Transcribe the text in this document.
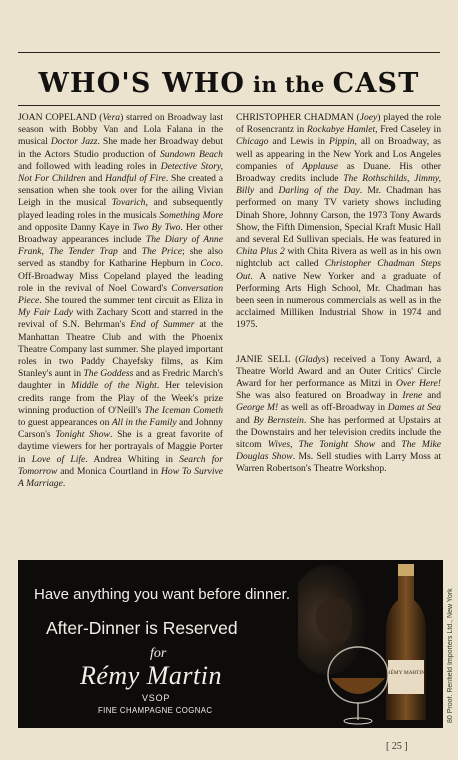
WHO'S WHO in the CAST

JOAN COPELAND (Vera) starred on Broadway last season with Bobby Van and Lola Falana in the musical Doctor Jazz. She made her Broadway debut in the Actors Studio production of Sundown Beach and followed with leading roles in Detective Story, Not For Children and Handful of Fire. She created a sensation when she took over for the ailing Vivian Leigh in the musical Tovarich, and subsequently played leading roles in the musicals Something More and opposite Danny Kaye in Two By Two. Her other Broadway appearances include The Diary of Anne Frank, The Tender Trap and The Price; she also served as standby for Katharine Hepburn in Coco. Off-Broadway Miss Copeland played the leading role in the revival of Noel Coward's Conversation Piece. She toured the summer tent circuit as Eliza in My Fair Lady with Zachary Scott and starred in the revival of S.N. Behrman's End of Summer at the Manhattan Theatre Club and with the Phoenix Theatre Company last summer. She played important roles in two Paddy Chayefsky films, as Kim Stanley's aunt in The Goddess and as Fredric March's daughter in Middle of the Night. Her television credits range from the Play of the Week's prize winning production of O'Neill's The Iceman Cometh to guest appearances on All in the Family and Johnny Carson's Tonight Show. She is a great favorite of daytime viewers for her portrayals of Maggie Porter in Love of Life. Andrea Whiting in Search for Tomorrow and Monica Courtland in How To Survive A Marriage.

CHRISTOPHER CHADMAN (Joey) played the role of Rosencrantz in Rockabye Hamlet, Fred Caseley in Chicago and Lewis in Pippin, all on Broadway, as well as appearing in the New York and Los Angeles companies of Applause as Duane. His other Broadway credits include The Rothschilds, Jimmy, Billy and Darling of the Day. Mr. Chadman has performed on many TV variety shows including Dinah Shore, Johnny Carson, the 1973 Tony Awards Show, the Fifth Dimension, Special Kraft Music Hall and several Ed Sullivan specials. He was featured in Chita Plus 2 with Chita Rivera as well as in his own nightclub act called Christopher Chadman Steps Out. A native New Yorker and a graduate of Performing Arts High School, Mr. Chadman has been seen in numerous commercials as well as in the acclaimed Milliken Industrial Show in 1974 and 1975.

JANIE SELL (Gladys) received a Tony Award, a Theatre World Award and an Outer Critics' Circle Award for her performance as Mitzi in Over Here! She was also featured on Broadway in Irene and George M! as well as off-Broadway in Dames at Sea and By Bernstein. She has performed at Upstairs at the Downstairs and her television credits include the sitcom Wives, The Tonight Show and The Mike Douglas Show. Ms. Sell studies with Larry Moss at Warren Robertson's Theatre Workshop.

Have anything you want before dinner.
After-Dinner is Reserved
for
Rémy Martin
VSOP
FINE CHAMPAGNE COGNAC
RÉMY MARTIN	80 Proof. Renfield Importers Ltd., New York
[ 25 ]
